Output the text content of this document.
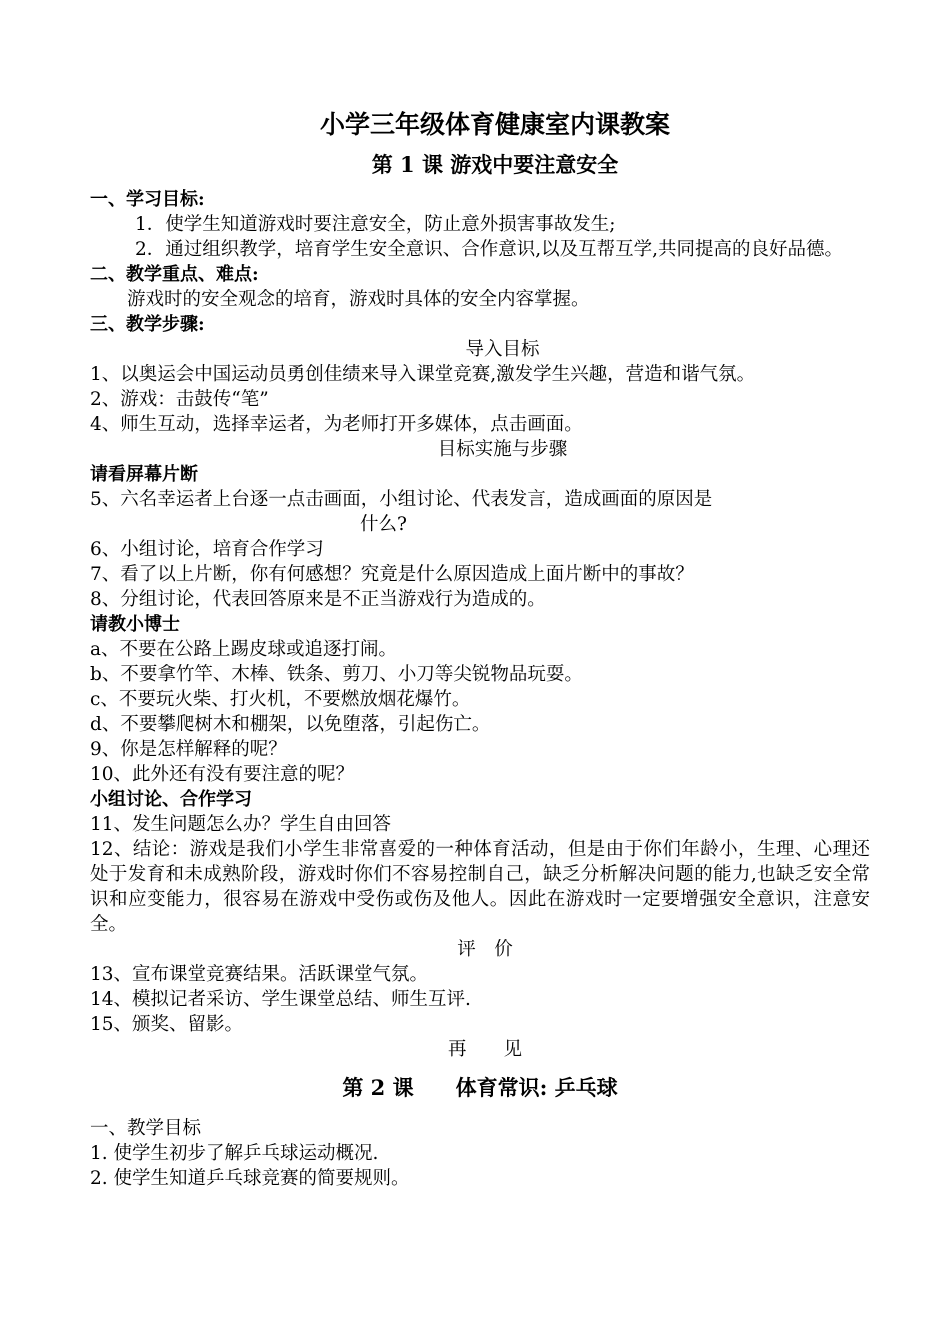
小学三年级体育健康室内课教案
第 1 课 游戏中要注意安全
一、学习目标:
1．使学生知道游戏时要注意安全，防止意外损害事故发生;
2．通过组织教学，培育学生安全意识、合作意识,以及互帮互学,共同提高的良好品德。
二、教学重点、难点:
游戏时的安全观念的培育，游戏时具体的安全内容掌握。
三、教学步骤:
导入目标
1、以奥运会中国运动员勇创佳绩来导入课堂竞赛,激发学生兴趣，营造和谐气氛。
2、游戏：击鼓传“笔”
4、师生互动，选择幸运者，为老师打开多媒体，点击画面。
目标实施与步骤
请看屏幕片断
5、六名幸运者上台逐一点击画面，小组讨论、代表发言，造成画面的原因是
什么?
6、小组讨论，培育合作学习
7、看了以上片断，你有何感想？究竟是什么原因造成上面片断中的事故？
8、分组讨论，代表回答原来是不正当游戏行为造成的。
请教小博士
a、不要在公路上踢皮球或追逐打闹。
b、不要拿竹竿、木棒、铁条、剪刀、小刀等尖锐物品玩耍。
c、不要玩火柴、打火机，不要燃放烟花爆竹。
d、不要攀爬树木和棚架，以免堕落，引起伤亡。
9、你是怎样解释的呢？
10、此外还有没有要注意的呢？
小组讨论、合作学习
11、发生问题怎么办？学生自由回答
12、结论：游戏是我们小学生非常喜爱的一种体育活动，但是由于你们年龄小，生理、心理还处于发育和未成熟阶段，游戏时你们不容易控制自己，缺乏分析解决问题的能力,也缺乏安全常识和应变能力，很容易在游戏中受伤或伤及他人。因此在游戏时一定要增强安全意识，注意安全。
评　价
13、宣布课堂竞赛结果。活跃课堂气氛。
14、模拟记者采访、学生课堂总结、师生互评.
15、颁奖、留影。
再　　见
第 2 课　　体育常识: 乒乓球
一、教学目标
1. 使学生初步了解乒乓球运动概况.
2. 使学生知道乒乓球竞赛的简要规则。
